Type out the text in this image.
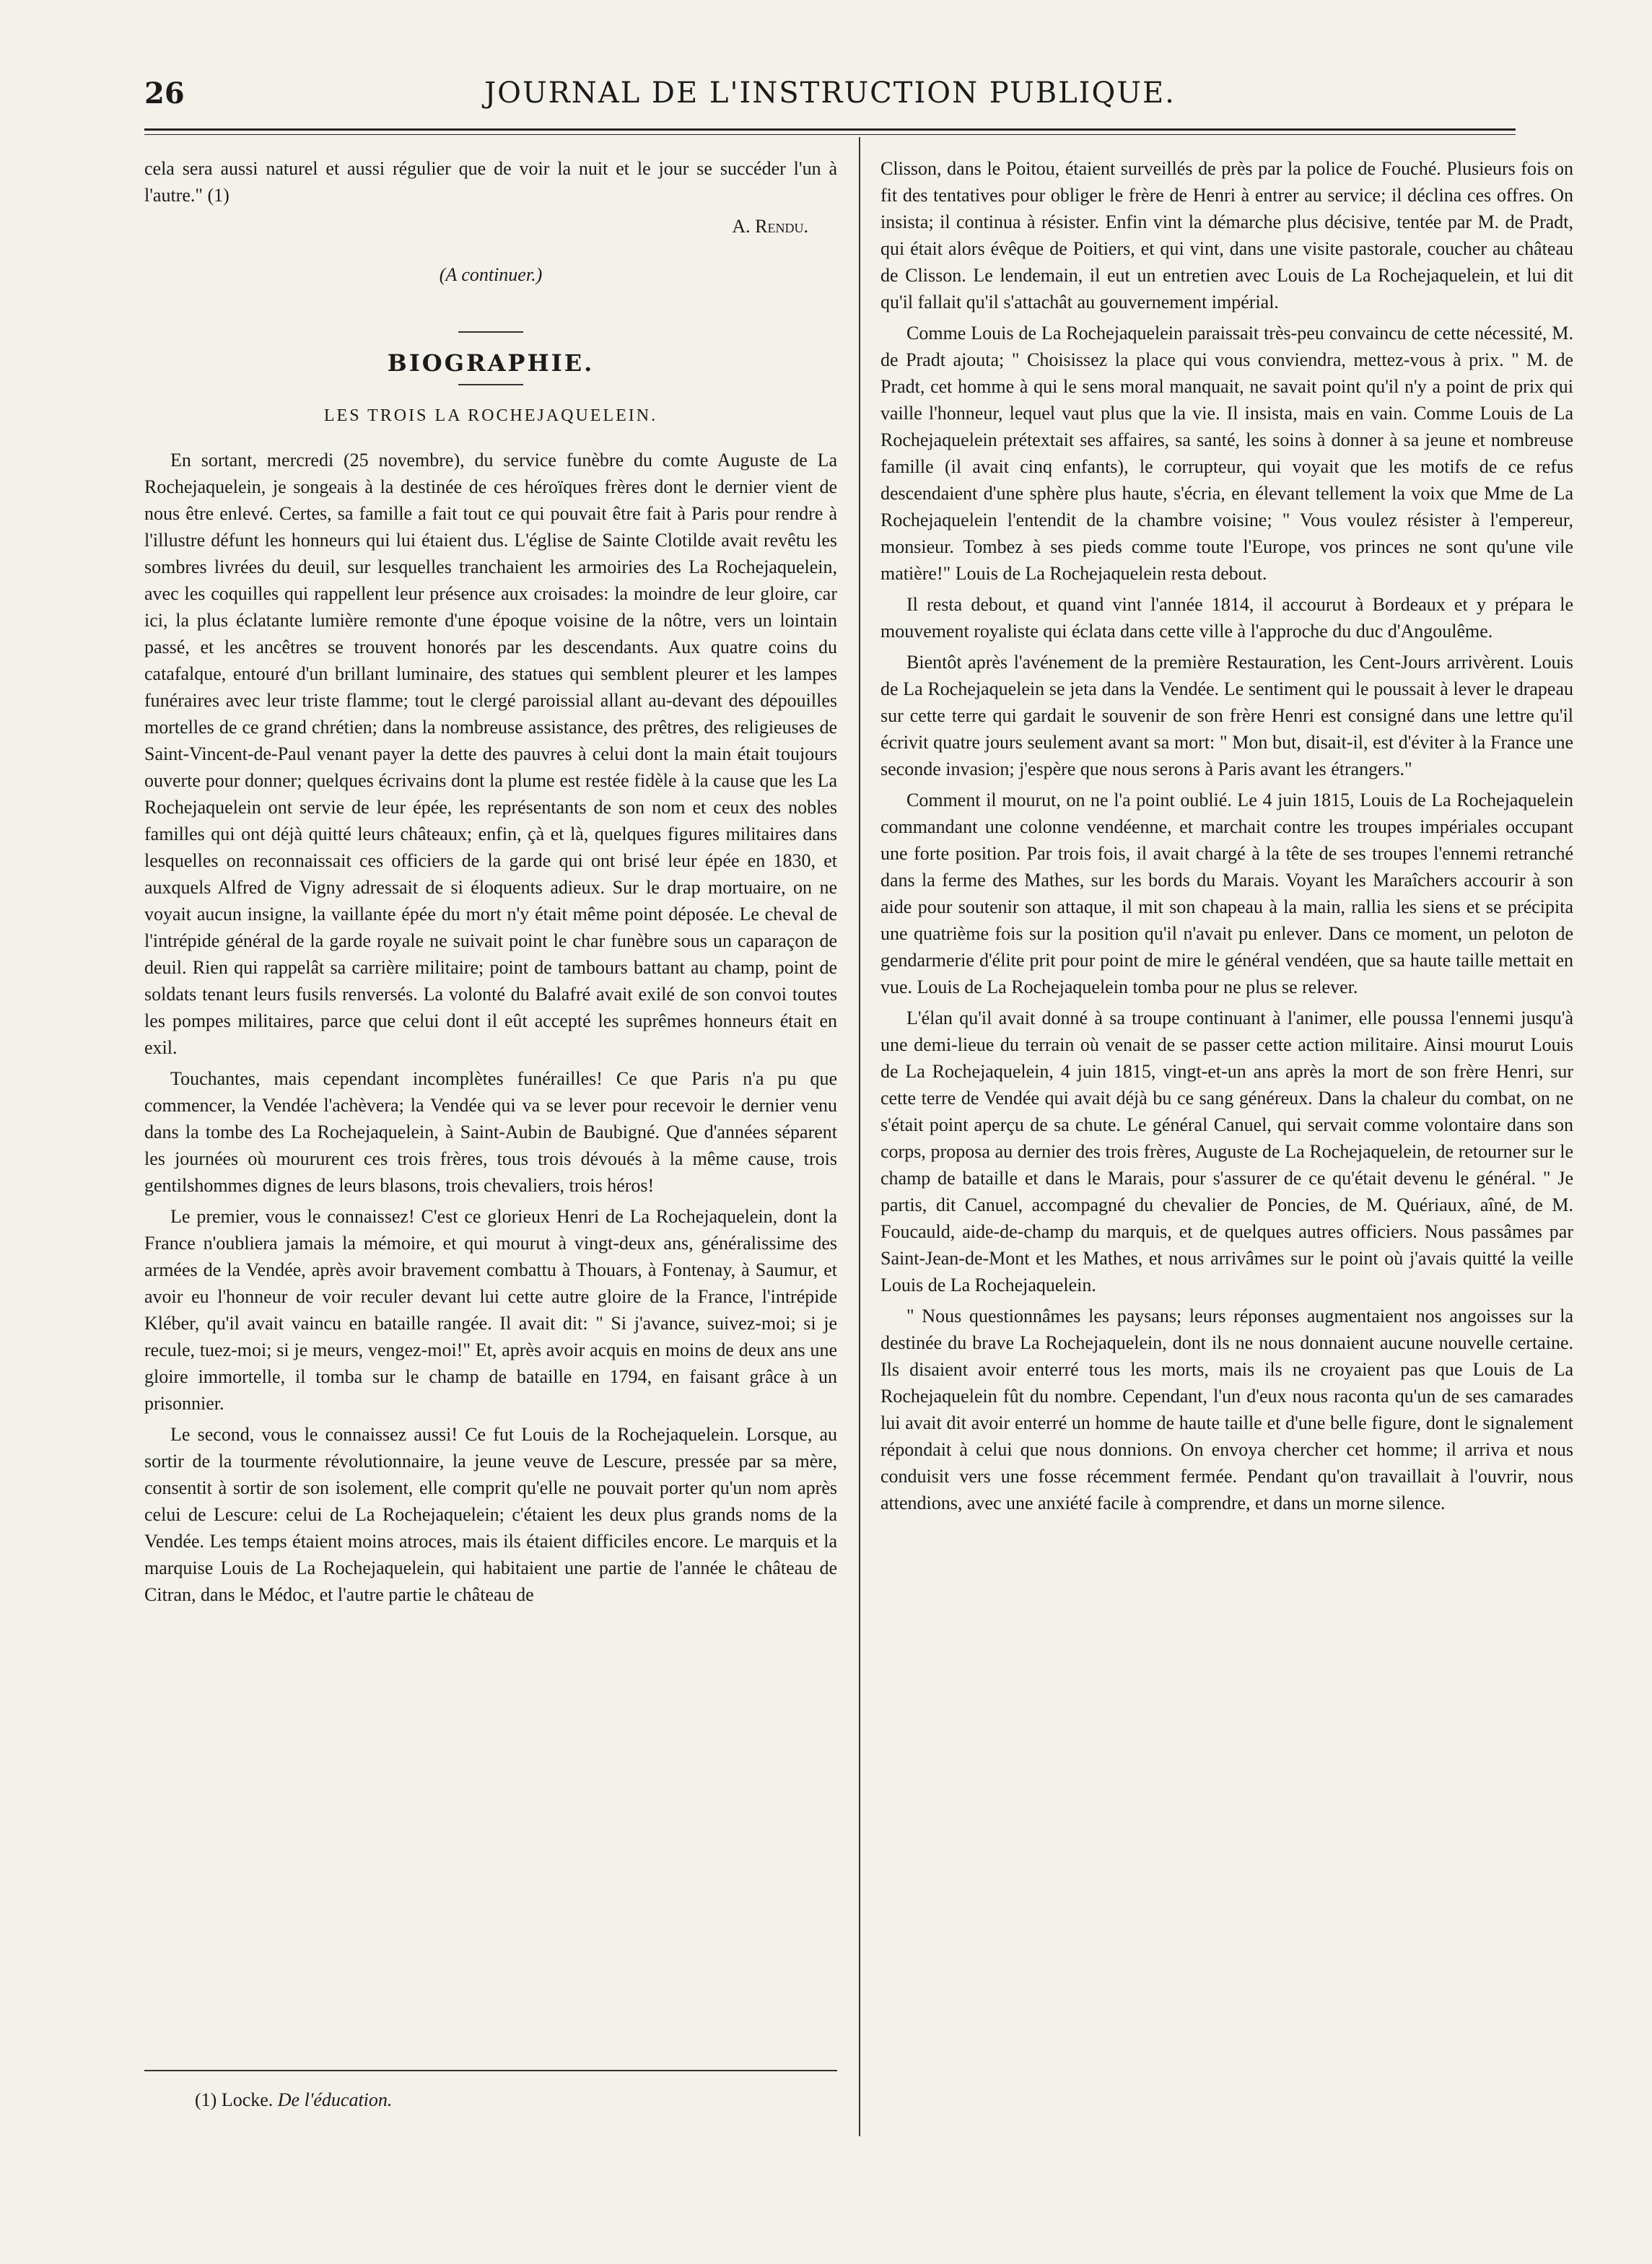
26	JOURNAL DE L'INSTRUCTION PUBLIQUE.

cela sera aussi naturel et aussi régulier que de voir la nuit et le jour se succéder l'un à l'autre." (1)

A. Rendu.

(A continuer.)

BIOGRAPHIE.

LES TROIS LA ROCHEJAQUELEIN.

En sortant, mercredi (25 novembre), du service funèbre du comte Auguste de La Rochejaquelein, je songeais à la destinée de ces héroïques frères dont le dernier vient de nous être enlevé. Certes, sa famille a fait tout ce qui pouvait être fait à Paris pour rendre à l'illustre défunt les honneurs qui lui étaient dus. L'église de Sainte Clotilde avait revêtu les sombres livrées du deuil, sur lesquelles tranchaient les armoiries des La Rochejaquelein, avec les coquilles qui rappellent leur présence aux croisades: la moindre de leur gloire, car ici, la plus éclatante lumière remonte d'une époque voisine de la nôtre, vers un lointain passé, et les ancêtres se trouvent honorés par les descendants. Aux quatre coins du catafalque, entouré d'un brillant luminaire, des statues qui semblent pleurer et les lampes funéraires avec leur triste flamme; tout le clergé paroissial allant au-devant des dépouilles mortelles de ce grand chrétien; dans la nombreuse assistance, des prêtres, des religieuses de Saint-Vincent-de-Paul venant payer la dette des pauvres à celui dont la main était toujours ouverte pour donner; quelques écrivains dont la plume est restée fidèle à la cause que les La Rochejaquelein ont servie de leur épée, les représentants de son nom et ceux des nobles familles qui ont déjà quitté leurs châteaux; enfin, çà et là, quelques figures militaires dans lesquelles on reconnaissait ces officiers de la garde qui ont brisé leur épée en 1830, et auxquels Alfred de Vigny adressait de si éloquents adieux. Sur le drap mortuaire, on ne voyait aucun insigne, la vaillante épée du mort n'y était même point déposée. Le cheval de l'intrépide général de la garde royale ne suivait point le char funèbre sous un caparaçon de deuil. Rien qui rappelât sa carrière militaire; point de tambours battant au champ, point de soldats tenant leurs fusils renversés. La volonté du Balafré avait exilé de son convoi toutes les pompes militaires, parce que celui dont il eût accepté les suprêmes honneurs était en exil.

Touchantes, mais cependant incomplètes funérailles! Ce que Paris n'a pu que commencer, la Vendée l'achèvera; la Vendée qui va se lever pour recevoir le dernier venu dans la tombe des La Rochejaquelein, à Saint-Aubin de Baubigné. Que d'années séparent les journées où moururent ces trois frères, tous trois dévoués à la même cause, trois gentilshommes dignes de leurs blasons, trois chevaliers, trois héros!

Le premier, vous le connaissez! C'est ce glorieux Henri de La Rochejaquelein, dont la France n'oubliera jamais la mémoire, et qui mourut à vingt-deux ans, généralissime des armées de la Vendée, après avoir bravement combattu à Thouars, à Fontenay, à Saumur, et avoir eu l'honneur de voir reculer devant lui cette autre gloire de la France, l'intrépide Kléber, qu'il avait vaincu en bataille rangée. Il avait dit: " Si j'avance, suivez-moi; si je recule, tuez-moi; si je meurs, vengez-moi!" Et, après avoir acquis en moins de deux ans une gloire immortelle, il tomba sur le champ de bataille en 1794, en faisant grâce à un prisonnier.

Le second, vous le connaissez aussi! Ce fut Louis de la Rochejaquelein. Lorsque, au sortir de la tourmente révolutionnaire, la jeune veuve de Lescure, pressée par sa mère, consentit à sortir de son isolement, elle comprit qu'elle ne pouvait porter qu'un nom après celui de Lescure: celui de La Rochejaquelein; c'étaient les deux plus grands noms de la Vendée. Les temps étaient moins atroces, mais ils étaient difficiles encore. Le marquis et la marquise Louis de La Rochejaquelein, qui habitaient une partie de l'année le château de Citran, dans le Médoc, et l'autre partie le château de

Clisson, dans le Poitou, étaient surveillés de près par la police de Fouché. Plusieurs fois on fit des tentatives pour obliger le frère de Henri à entrer au service; il déclina ces offres. On insista; il continua à résister. Enfin vint la démarche plus décisive, tentée par M. de Pradt, qui était alors évêque de Poitiers, et qui vint, dans une visite pastorale, coucher au château de Clisson. Le lendemain, il eut un entretien avec Louis de La Rochejaquelein, et lui dit qu'il fallait qu'il s'attachât au gouvernement impérial.

Comme Louis de La Rochejaquelein paraissait très-peu convaincu de cette nécessité, M. de Pradt ajouta; " Choisissez la place qui vous conviendra, mettez-vous à prix. " M. de Pradt, cet homme à qui le sens moral manquait, ne savait point qu'il n'y a point de prix qui vaille l'honneur, lequel vaut plus que la vie. Il insista, mais en vain. Comme Louis de La Rochejaquelein prétextait ses affaires, sa santé, les soins à donner à sa jeune et nombreuse famille (il avait cinq enfants), le corrupteur, qui voyait que les motifs de ce refus descendaient d'une sphère plus haute, s'écria, en élevant tellement la voix que Mme de La Rochejaquelein l'entendit de la chambre voisine; " Vous voulez résister à l'empereur, monsieur. Tombez à ses pieds comme toute l'Europe, vos princes ne sont qu'une vile matière!" Louis de La Rochejaquelein resta debout.

Il resta debout, et quand vint l'année 1814, il accourut à Bordeaux et y prépara le mouvement royaliste qui éclata dans cette ville à l'approche du duc d'Angoulême.

Bientôt après l'avénement de la première Restauration, les Cent-Jours arrivèrent. Louis de La Rochejaquelein se jeta dans la Vendée. Le sentiment qui le poussait à lever le drapeau sur cette terre qui gardait le souvenir de son frère Henri est consigné dans une lettre qu'il écrivit quatre jours seulement avant sa mort: " Mon but, disait-il, est d'éviter à la France une seconde invasion; j'espère que nous serons à Paris avant les étrangers."

Comment il mourut, on ne l'a point oublié. Le 4 juin 1815, Louis de La Rochejaquelein commandant une colonne vendéenne, et marchait contre les troupes impériales occupant une forte position. Par trois fois, il avait chargé à la tête de ses troupes l'ennemi retranché dans la ferme des Mathes, sur les bords du Marais. Voyant les Maraîchers accourir à son aide pour soutenir son attaque, il mit son chapeau à la main, rallia les siens et se précipita une quatrième fois sur la position qu'il n'avait pu enlever. Dans ce moment, un peloton de gendarmerie d'élite prit pour point de mire le général vendéen, que sa haute taille mettait en vue. Louis de La Rochejaquelein tomba pour ne plus se relever.

L'élan qu'il avait donné à sa troupe continuant à l'animer, elle poussa l'ennemi jusqu'à une demi-lieue du terrain où venait de se passer cette action militaire. Ainsi mourut Louis de La Rochejaquelein, 4 juin 1815, vingt-et-un ans après la mort de son frère Henri, sur cette terre de Vendée qui avait déjà bu ce sang généreux. Dans la chaleur du combat, on ne s'était point aperçu de sa chute. Le général Canuel, qui servait comme volontaire dans son corps, proposa au dernier des trois frères, Auguste de La Rochejaquelein, de retourner sur le champ de bataille et dans le Marais, pour s'assurer de ce qu'était devenu le général. " Je partis, dit Canuel, accompagné du chevalier de Poncies, de M. Quériaux, aîné, de M. Foucauld, aide-de-champ du marquis, et de quelques autres officiers. Nous passâmes par Saint-Jean-de-Mont et les Mathes, et nous arrivâmes sur le point où j'avais quitté la veille Louis de La Rochejaquelein.

" Nous questionnâmes les paysans; leurs réponses augmentaient nos angoisses sur la destinée du brave La Rochejaquelein, dont ils ne nous donnaient aucune nouvelle certaine. Ils disaient avoir enterré tous les morts, mais ils ne croyaient pas que Louis de La Rochejaquelein fût du nombre. Cependant, l'un d'eux nous raconta qu'un de ses camarades lui avait dit avoir enterré un homme de haute taille et d'une belle figure, dont le signalement répondait à celui que nous donnions. On envoya chercher cet homme; il arriva et nous conduisit vers une fosse récemment fermée. Pendant qu'on travaillait à l'ouvrir, nous attendions, avec une anxiété facile à comprendre, et dans un morne silence.

(1) Locke. De l'éducation.
